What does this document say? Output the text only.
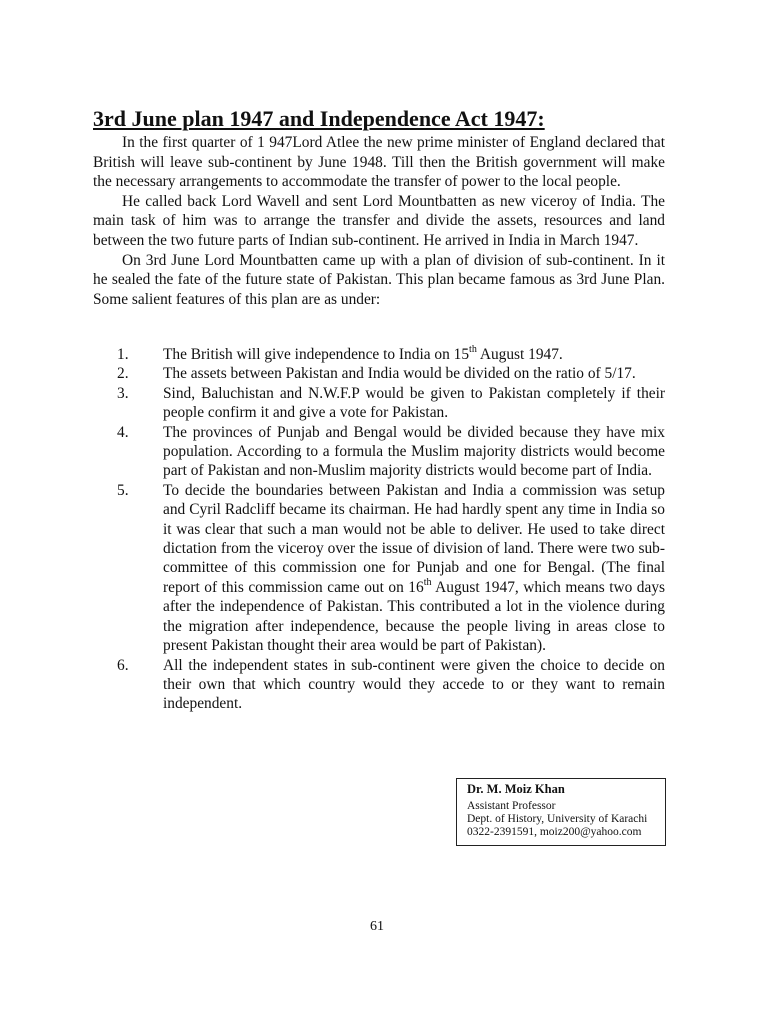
3rd June plan 1947 and Independence Act 1947:

In the first quarter of 1 947Lord Atlee the new prime minister of England declared that British will leave sub-continent by June 1948. Till then the British government will make the necessary arrangements to accommodate the transfer of power to the local people.

He called back Lord Wavell and sent Lord Mountbatten as new viceroy of India. The main task of him was to arrange the transfer and divide the assets, resources and land between the two future parts of Indian sub-continent. He arrived in India in March 1947.

On 3rd June Lord Mountbatten came up with a plan of division of sub-continent. In it he sealed the fate of the future state of Pakistan. This plan became famous as 3rd June Plan. Some salient features of this plan are as under:

1. The British will give independence to India on 15th August 1947.
2. The assets between Pakistan and India would be divided on the ratio of 5/17.
3. Sind, Baluchistan and N.W.F.P would be given to Pakistan completely if their people confirm it and give a vote for Pakistan.
4. The provinces of Punjab and Bengal would be divided because they have mix population. According to a formula the Muslim majority districts would become part of Pakistan and non-Muslim majority districts would become part of India.
5. To decide the boundaries between Pakistan and India a commission was setup and Cyril Radcliff became its chairman. He had hardly spent any time in India so it was clear that such a man would not be able to deliver. He used to take direct dictation from the viceroy over the issue of division of land. There were two sub-committee of this commission one for Punjab and one for Bengal. (The final report of this commission came out on 16th August 1947, which means two days after the independence of Pakistan. This contributed a lot in the violence during the migration after independence, because the people living in areas close to present Pakistan thought their area would be part of Pakistan).
6. All the independent states in sub-continent were given the choice to decide on their own that which country would they accede to or they want to remain independent.
Dr. M. Moiz Khan
Assistant Professor
Dept. of History, University of Karachi
0322-2391591, moiz200@yahoo.com
61
